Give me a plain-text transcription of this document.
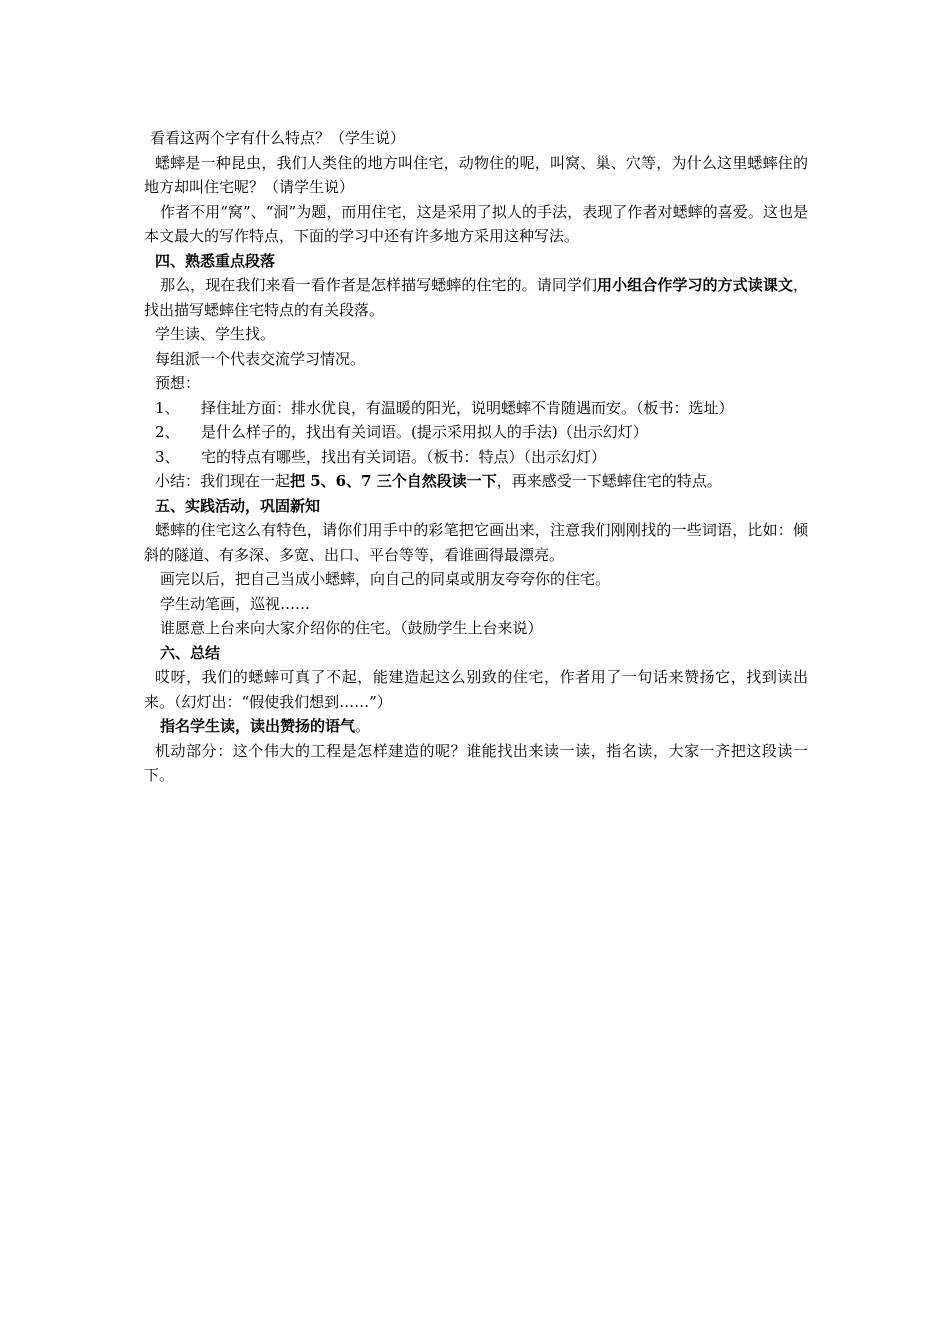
看看这两个字有什么特点？（学生说）

蟋蟀是一种昆虫，我们人类住的地方叫住宅，动物住的呢，叫窝、巢、穴等，为什么这里蟋蟀住的地方却叫住宅呢？（请学生说）

作者不用“窝”、“洞”为题，而用住宅，这是采用了拟人的手法，表现了作者对蟋蟀的喜爱。这也是本文最大的写作特点，下面的学习中还有许多地方采用这种写法。

四、熟悉重点段落

那么，现在我们来看一看作者是怎样描写蟋蟀的住宅的。请同学们用小组合作学习的方式读课文，找出描写蟋蟀住宅特点的有关段落。

学生读、学生找。

每组派一个代表交流学习情况。

预想：

1、 择住址方面：排水优良，有温暖的阳光，说明蟋蟀不肯随遇而安。（板书：选址）

2、 是什么样子的，找出有关词语。(提示采用拟人的手法)（出示幻灯）

3、 宅的特点有哪些，找出有关词语。（板书：特点）（出示幻灯）

小结：我们现在一起把 5、6、7 三个自然段读一下，再来感受一下蟋蟀住宅的特点。

五、实践活动，巩固新知

蟋蟀的住宅这么有特色，请你们用手中的彩笔把它画出来，注意我们刚刚找的一些词语，比如：倾斜的隧道、有多深、多宽、出口、平台等等，看谁画得最漂亮。

画完以后，把自己当成小蟋蟀，向自己的同桌或朋友夸夸你的住宅。

学生动笔画，巡视……

谁愿意上台来向大家介绍你的住宅。（鼓励学生上台来说）

六、总结

哎呀，我们的蟋蟀可真了不起，能建造起这么别致的住宅，作者用了一句话来赞扬它，找到读出来。（幻灯出：“假使我们想到……”）

指名学生读，读出赞扬的语气。

机动部分：这个伟大的工程是怎样建造的呢？谁能找出来读一读，指名读，大家一齐把这段读一下。
